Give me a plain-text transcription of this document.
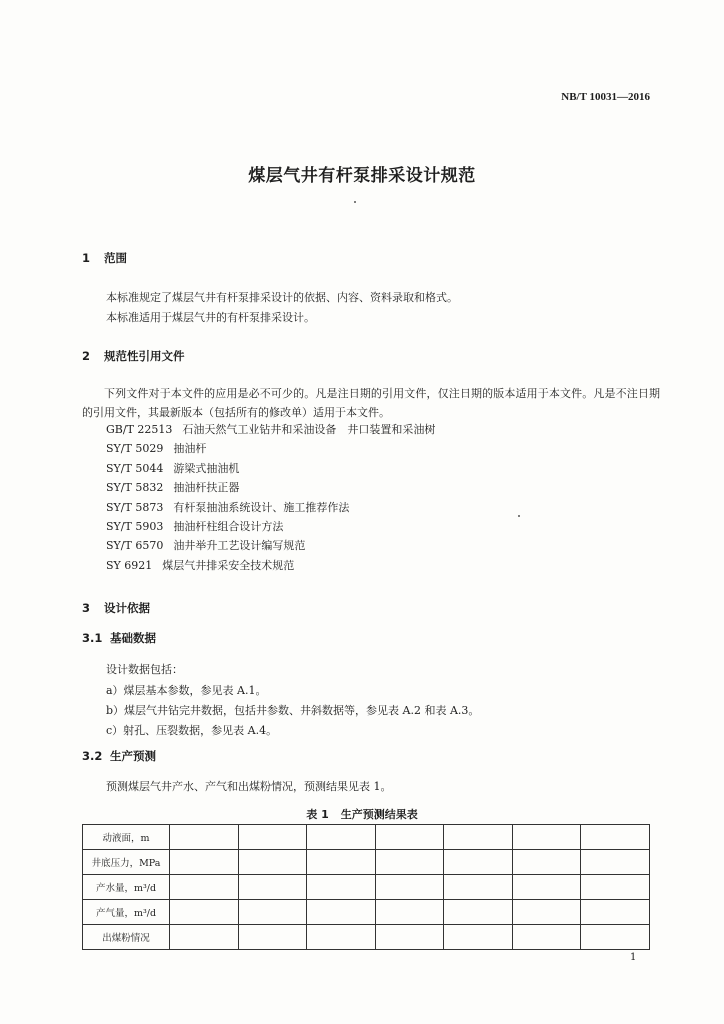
NB/T 10031—2016
煤层气井有杆泵排采设计规范
1 范围
本标准规定了煤层气井有杆泵排采设计的依据、内容、资料录取和格式。
本标准适用于煤层气井的有杆泵排采设计。
2 规范性引用文件
下列文件对于本文件的应用是必不可少的。凡是注日期的引用文件，仅注日期的版本适用于本文件。凡是不注日期的引用文件，其最新版本（包括所有的修改单）适用于本文件。
GB/T 22513 石油天然气工业钻井和采油设备　井口装置和采油树
SY/T 5029 抽油杆
SY/T 5044 游梁式抽油机
SY/T 5832 抽油杆扶正器
SY/T 5873 有杆泵抽油系统设计、施工推荐作法
SY/T 5903 抽油杆柱组合设计方法
SY/T 6570 油井举升工艺设计编写规范
SY 6921 煤层气井排采安全技术规范
3 设计依据
3.1 基础数据
设计数据包括：
a）煤层基本参数，参见表 A.1。
b）煤层气井钻完井数据，包括井参数、井斜数据等，参见表 A.2 和表 A.3。
c）射孔、压裂数据，参见表 A.4。
3.2 生产预测
预测煤层气井产水、产气和出煤粉情况，预测结果见表 1。
表 1 生产预测结果表
动液面，m							
井底压力，MPa							
产水量，m³/d							
产气量，m³/d							
出煤粉情况							
1
